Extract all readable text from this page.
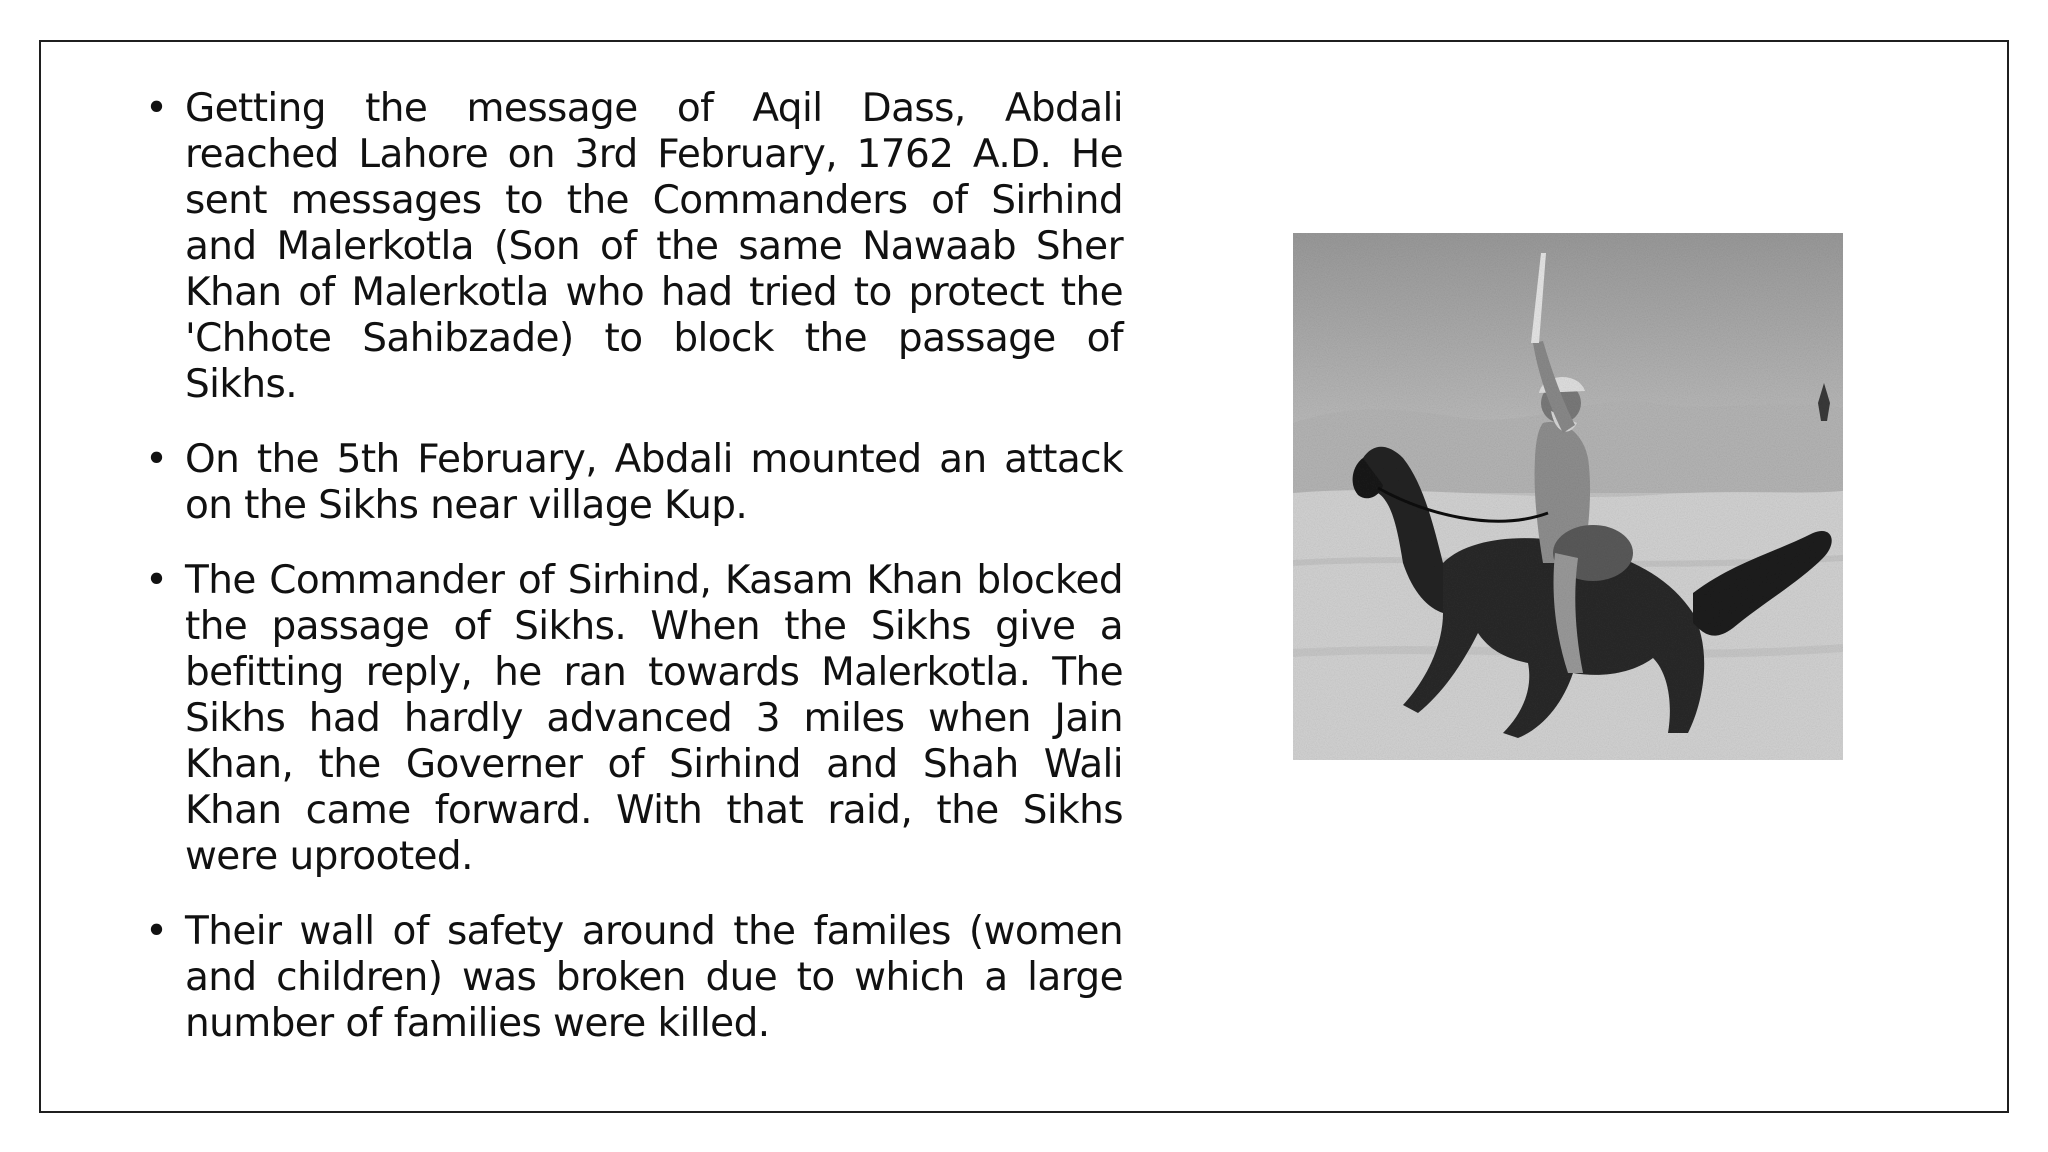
• Getting the message of Aqil Dass, Abdali reached Lahore on 3rd February, 1762 A.D. He sent messages to the Commanders of Sirhind and Malerkotla (Son of the same Nawaab Sher Khan of Malerkotla who had tried to protect the 'Chhote Sahibzade) to block the passage of Sikhs.
• On the 5th February, Abdali mounted an attack on the Sikhs near village Kup.
• The Commander of Sirhind, Kasam Khan blocked the passage of Sikhs. When the Sikhs give a befitting reply, he ran towards Malerkotla. The Sikhs had hardly advanced 3 miles when Jain Khan, the Governer of Sirhind and Shah Wali Khan came forward. With that raid, the Sikhs were uprooted.
• Their wall of safety around the familes (women and children) was broken due to which a large number of families were killed.
